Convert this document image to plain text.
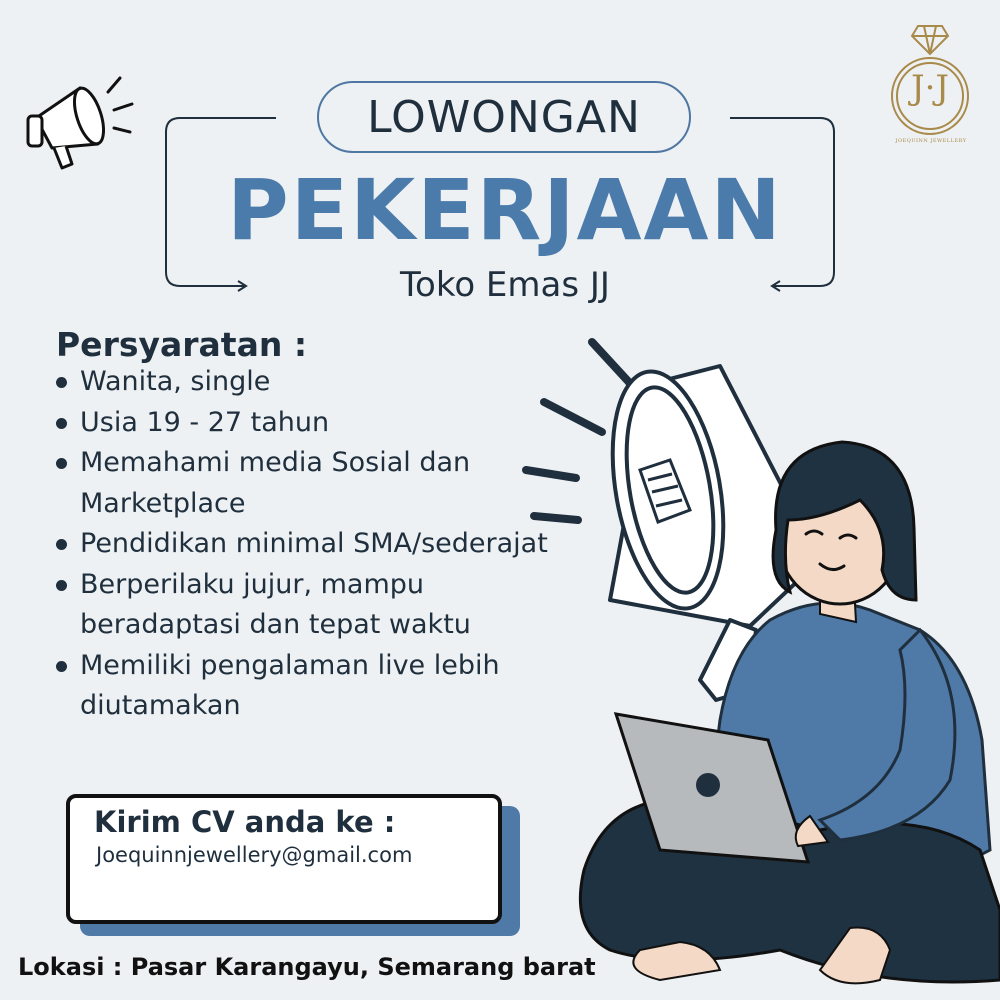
J·J
JOEQUINN JEWELLERY
LOWONGAN
PEKERJAAN
Toko Emas JJ
Persyaratan :
Wanita, single
Usia 19 - 27 tahun
Memahami media Sosial dan Marketplace
Pendidikan minimal SMA/sederajat
Berperilaku jujur, mampu beradaptasi dan tepat waktu
Memiliki pengalaman live lebih diutamakan
Kirim CV anda ke :
Joequinnjewellery@gmail.com
Lokasi : Pasar Karangayu, Semarang barat
